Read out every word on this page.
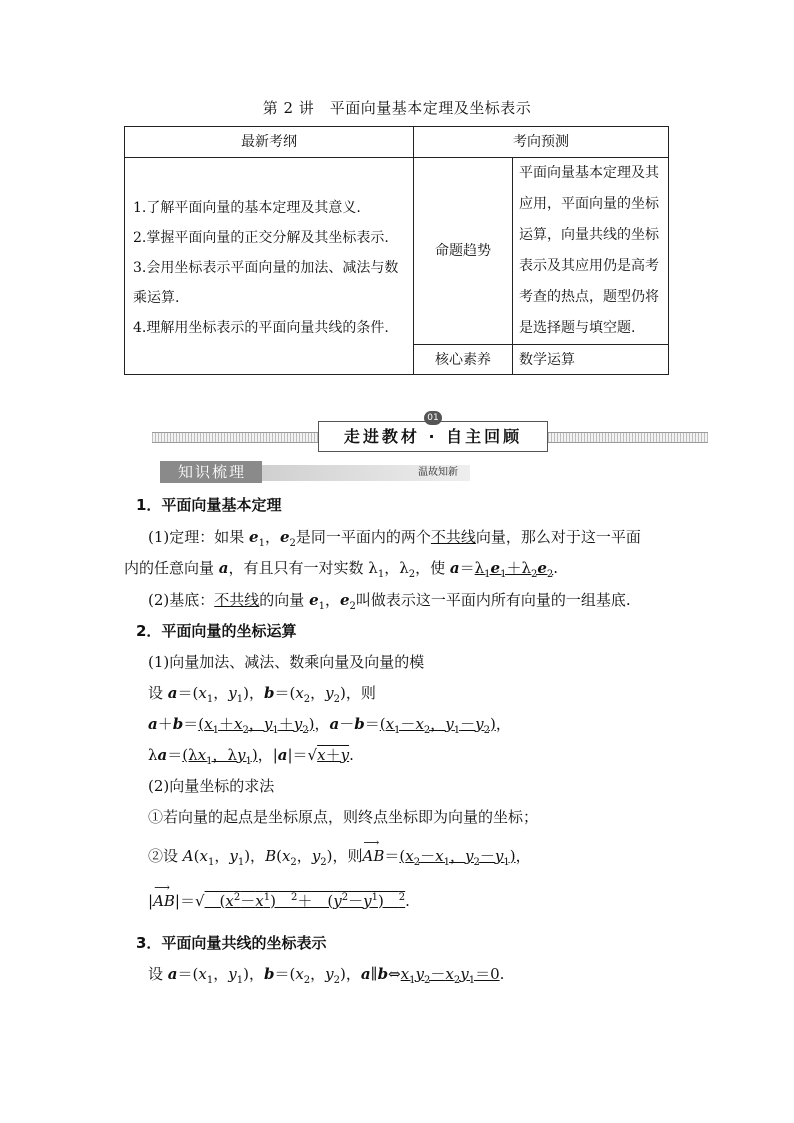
第 2 讲　平面向量基本定理及坐标表示
最新考纲	考向预测	

1.了解平面向量的基本定理及其意义.
2.掌握平面向量的正交分解及其坐标表示.
3.会用坐标表示平面向量的加法、减法与数乘运算.
4.理解用坐标表示的平面向量共线的条件.	命题趋势	平面向量基本定理及其应用，平面向量的坐标运算，向量共线的坐标表示及其应用仍是高考考查的热点，题型仍将是选择题与填空题.
	核心素养	数学运算
走进教材 · 自主回顾
01
知识梳理	温故知新
1．平面向量基本定理
(1)定理：如果 $e_1$，$e_2$是同一平面内的两个不共线向量，那么对于这一平面
内的任意向量 a，有且只有一对实数 $\lambda_1$，$\lambda_2$，使 $a=\lambda_1e_1+\lambda_2e_2$.
(2)基底：不共线的向量 $e_1$，$e_2$叫做表示这一平面内所有向量的一组基底.
2．平面向量的坐标运算
(1)向量加法、减法、数乘向量及向量的模
设 $a=(x_1$，$y_1$)，$b=(x_2$，$y_2$)，则
$a+b=(x_1+x_2$，$y_1+y_2$)，$a-b=(x_1-x_2$，$y_1-y_2$)，
$\lambda a=(\lambda x_1$，$\lambda y_1$)，|a|＝√x＋y.
(2)向量坐标的求法
①若向量的起点是坐标原点，则终点坐标即为向量的坐标；
②设 $A(x_1$，$y_1$)，$B(x_2$，$y_2$)，则AB
⟶
$=(x_2-x_1$，$y_2-y_1$)，
|AB
⟶
|＝√　$(x^2-x^1)$　$^2$＋　$(y^2-y^1)$　$^2$.
3．平面向量共线的坐标表示
设 $a=(x_1$，$y_1$)，$b=(x_2$，$y_2$)，$a\parallel b\Leftrightarrow x_1y_2-x_2y_1=0$.
